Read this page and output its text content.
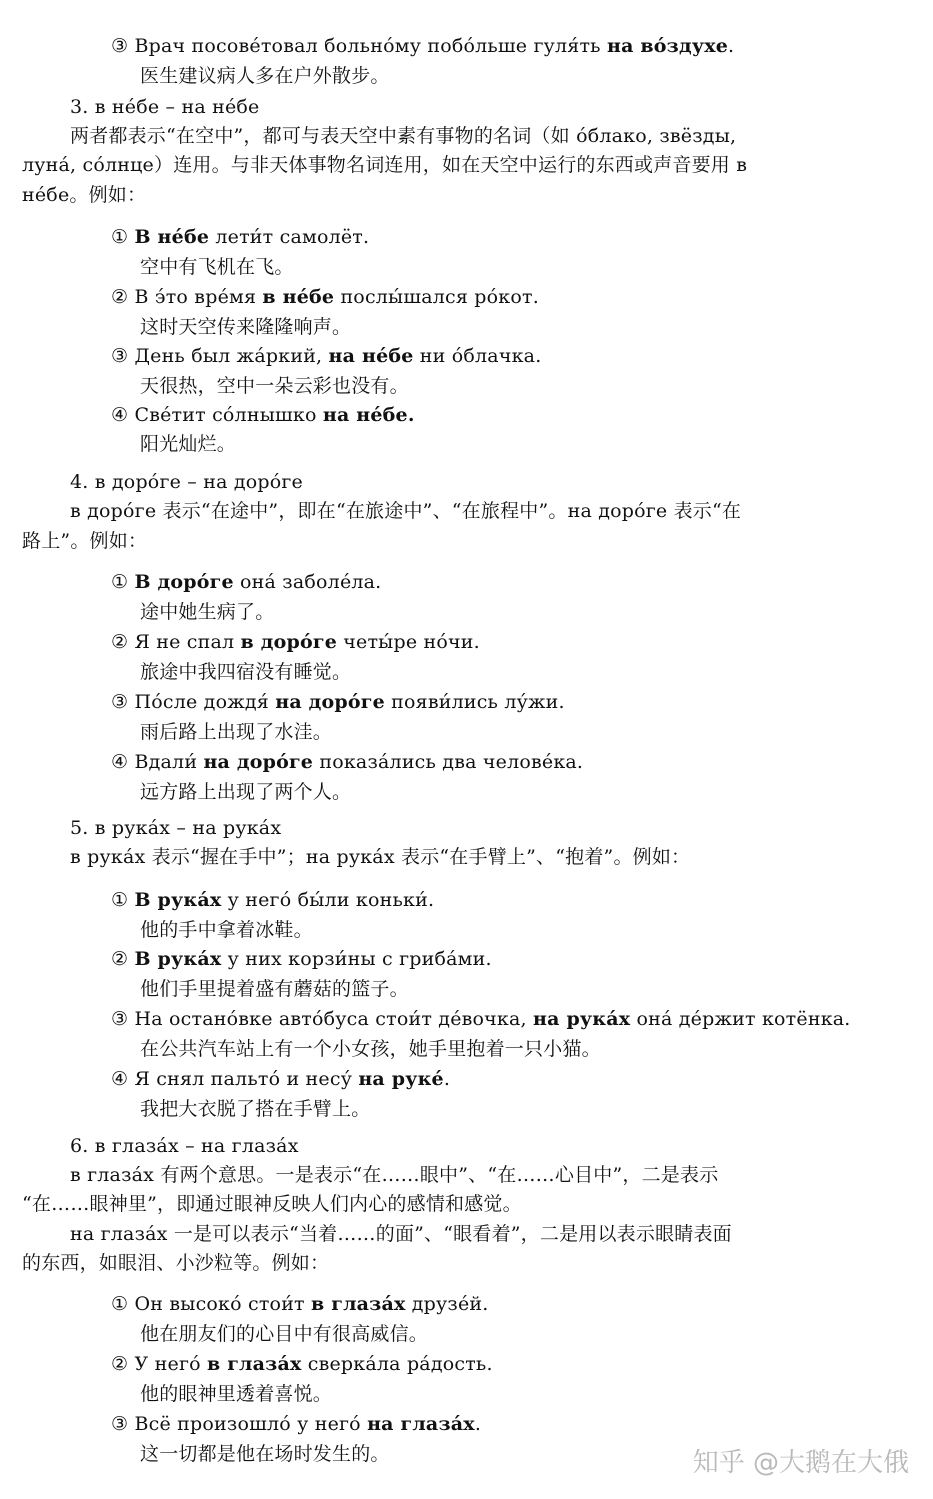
③ Врач посове́товал больно́му побо́льше гуля́ть на во́здухе.
医生建议病人多在户外散步。
3. в не́бе – на не́бе
两者都表示“在空中”，都可与表天空中素有事物的名词（如 о́блако, звёзды,
луна́, со́лнце）连用。与非天体事物名词连用，如在天空中运行的东西或声音要用 в
не́бе。例如：
① В не́бе лети́т самолёт.
空中有飞机在飞。
② В э́то вре́мя в не́бе послы́шался ро́кот.
这时天空传来隆隆响声。
③ День был жа́ркий, на не́бе ни о́блачка.
天很热，空中一朵云彩也没有。
④ Све́тит со́лнышко на не́бе.
阳光灿烂。
4. в доро́ге – на доро́ге
в доро́ге 表示“在途中”，即在“在旅途中”、“在旅程中”。на доро́ге 表示“在
路上”。例如：
① В доро́ге она́ заболе́ла.
途中她生病了。
② Я не спал в доро́ге четы́ре но́чи.
旅途中我四宿没有睡觉。
③ По́сле дождя́ на доро́ге появи́лись лу́жи.
雨后路上出现了水洼。
④ Вдали́ на доро́ге показа́лись два челове́ка.
远方路上出现了两个人。
5. в рука́х – на рука́х
в рука́х 表示“握在手中”；на рука́х 表示“在手臂上”、“抱着”。例如：
① В рука́х у него́ бы́ли коньки́.
他的手中拿着冰鞋。
② В рука́х у них корзи́ны с гриба́ми.
他们手里提着盛有蘑菇的篮子。
③ На остано́вке авто́буса стои́т де́вочка, на рука́х она́ де́ржит котёнка.
在公共汽车站上有一个小女孩，她手里抱着一只小猫。
④ Я снял пальто́ и несу́ на руке́.
我把大衣脱了搭在手臂上。
6. в глаза́х – на глаза́х
в глаза́х 有两个意思。一是表示“在……眼中”、“在……心目中”，二是表示
“在……眼神里”，即通过眼神反映人们内心的感情和感觉。
на глаза́х 一是可以表示“当着……的面”、“眼看着”，二是用以表示眼睛表面
的东西，如眼泪、小沙粒等。例如：
① Он высоко́ стои́т в глаза́х друзе́й.
他在朋友们的心目中有很高威信。
② У него́ в глаза́х сверка́ла ра́дость.
他的眼神里透着喜悦。
③ Всё произошло́ у него́ на глаза́х.
这一切都是他在场时发生的。	知乎 @大鹅在大俄
